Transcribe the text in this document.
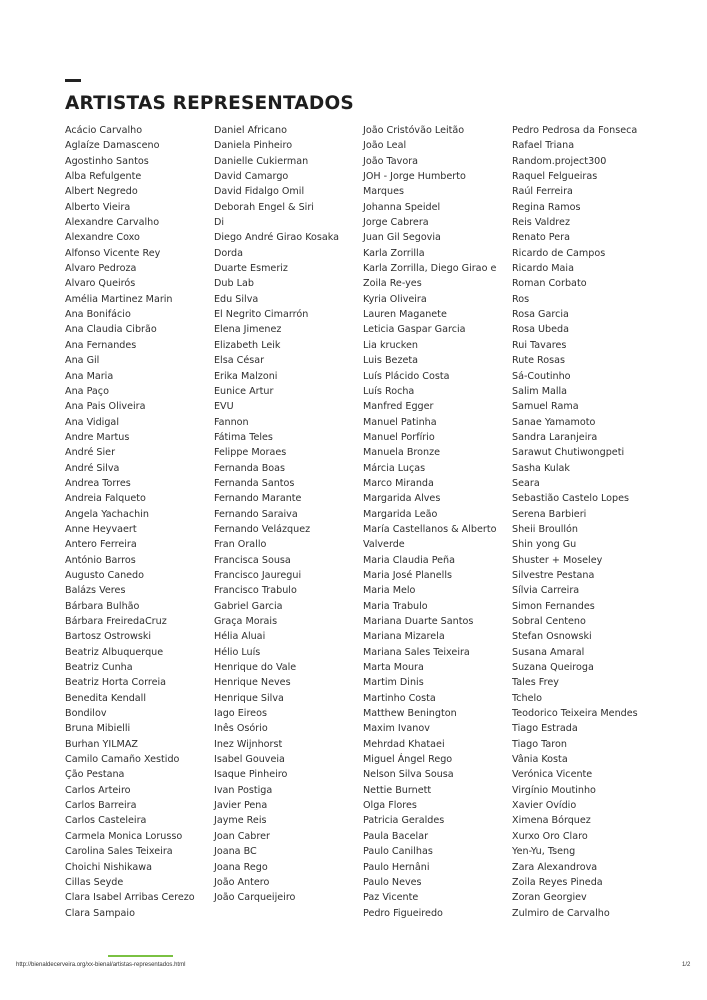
ARTISTAS REPRESENTADOS
Acácio Carvalho
Aglaíze Damasceno
Agostinho Santos
Alba Refulgente
Albert Negredo
Alberto Vieira
Alexandre Carvalho
Alexandre Coxo
Alfonso Vicente Rey
Alvaro Pedroza
Alvaro Queirós
Amélia Martinez Marin
Ana Bonifácio
Ana Claudia Cibrão
Ana Fernandes
Ana Gil
Ana Maria
Ana Paço
Ana Pais Oliveira
Ana Vidigal
Andre Martus
André Sier
André Silva
Andrea Torres
Andreia Falqueto
Angela Yachachin
Anne Heyvaert
Antero Ferreira
António Barros
Augusto Canedo
Balázs Veres
Bárbara Bulhão
Bárbara FreiredaCruz
Bartosz Ostrowski
Beatriz Albuquerque
Beatriz Cunha
Beatriz Horta Correia
Benedita Kendall
Bondilov
Bruna Mibielli
Burhan YILMAZ
Camilo Camaño Xestido
Ção Pestana
Carlos Arteiro
Carlos Barreira
Carlos Casteleira
Carmela Monica Lorusso
Carolina Sales Teixeira
Choichi Nishikawa
Cillas Seyde
Clara Isabel Arribas Cerezo
Clara Sampaio
Daniel Africano
Daniela Pinheiro
Danielle Cukierman
David Camargo
David Fidalgo Omil
Deborah Engel & Siri
Di
Diego André Girao Kosaka
Dorda
Duarte Esmeriz
Dub Lab
Edu Silva
El Negrito Cimarrón
Elena Jimenez
Elizabeth Leik
Elsa César
Erika Malzoni
Eunice Artur
EVU
Fannon
Fátima Teles
Felippe Moraes
Fernanda Boas
Fernanda Santos
Fernando Marante
Fernando Saraiva
Fernando Velázquez
Fran Orallo
Francisca Sousa
Francisco Jauregui
Francisco Trabulo
Gabriel Garcia
Graça Morais
Hélia Aluai
Hélio Luís
Henrique do Vale
Henrique Neves
Henrique Silva
Iago Eireos
Inês Osório
Inez Wijnhorst
Isabel Gouveia
Isaque Pinheiro
Ivan Postiga
Javier Pena
Jayme Reis
Joan Cabrer
Joana BC
Joana Rego
João Antero
João Carqueijeiro
João Cristóvão Leitão
João Leal
João Tavora
JOH - Jorge Humberto
Marques
Johanna Speidel
Jorge Cabrera
Juan Gil Segovia
Karla Zorrilla
Karla Zorrilla, Diego Girao e
Zoila Re-yes
Kyria Oliveira
Lauren Maganete
Leticia Gaspar Garcia
Lia krucken
Luis Bezeta
Luís Plácido Costa
Luís Rocha
Manfred Egger
Manuel Patinha
Manuel Porfírio
Manuela Bronze
Márcia Luças
Marco Miranda
Margarida Alves
Margarida Leão
María Castellanos & Alberto
Valverde
Maria Claudia Peña
Maria José Planells
Maria Melo
Maria Trabulo
Mariana Duarte Santos
Mariana Mizarela
Mariana Sales Teixeira
Marta Moura
Martim Dinis
Martinho Costa
Matthew Benington
Maxim Ivanov
Mehrdad Khataei
Miguel Ángel Rego
Nelson Silva Sousa
Nettie Burnett
Olga Flores
Patricia Geraldes
Paula Bacelar
Paulo Canilhas
Paulo Hernâni
Paulo Neves
Paz Vicente
Pedro Figueiredo
Pedro Pedrosa da Fonseca
Rafael Triana
Random.project300
Raquel Felgueiras
Raúl Ferreira
Regina Ramos
Reis Valdrez
Renato Pera
Ricardo de Campos
Ricardo Maia
Roman Corbato
Ros
Rosa Garcia
Rosa Ubeda
Rui Tavares
Rute Rosas
Sá-Coutinho
Salim Malla
Samuel Rama
Sanae Yamamoto
Sandra Laranjeira
Sarawut Chutiwongpeti
Sasha Kulak
Seara
Sebastião Castelo Lopes
Serena Barbieri
Sheii Broullón
Shin yong Gu
Shuster + Moseley
Silvestre Pestana
Sílvia Carreira
Simon Fernandes
Sobral Centeno
Stefan Osnowski
Susana Amaral
Suzana Queiroga
Tales Frey
Tchelo
Teodorico Teixeira Mendes
Tiago Estrada
Tiago Taron
Vânia Kosta
Verónica Vicente
Virgínio Moutinho
Xavier Ovídio
Ximena Bórquez
Xurxo Oro Claro
Yen-Yu, Tseng
Zara Alexandrova
Zoila Reyes Pineda
Zoran Georgiev
Zulmiro de Carvalho
http://bienaldecerveira.org/xx-bienal/artistas-representados.html	1/2
